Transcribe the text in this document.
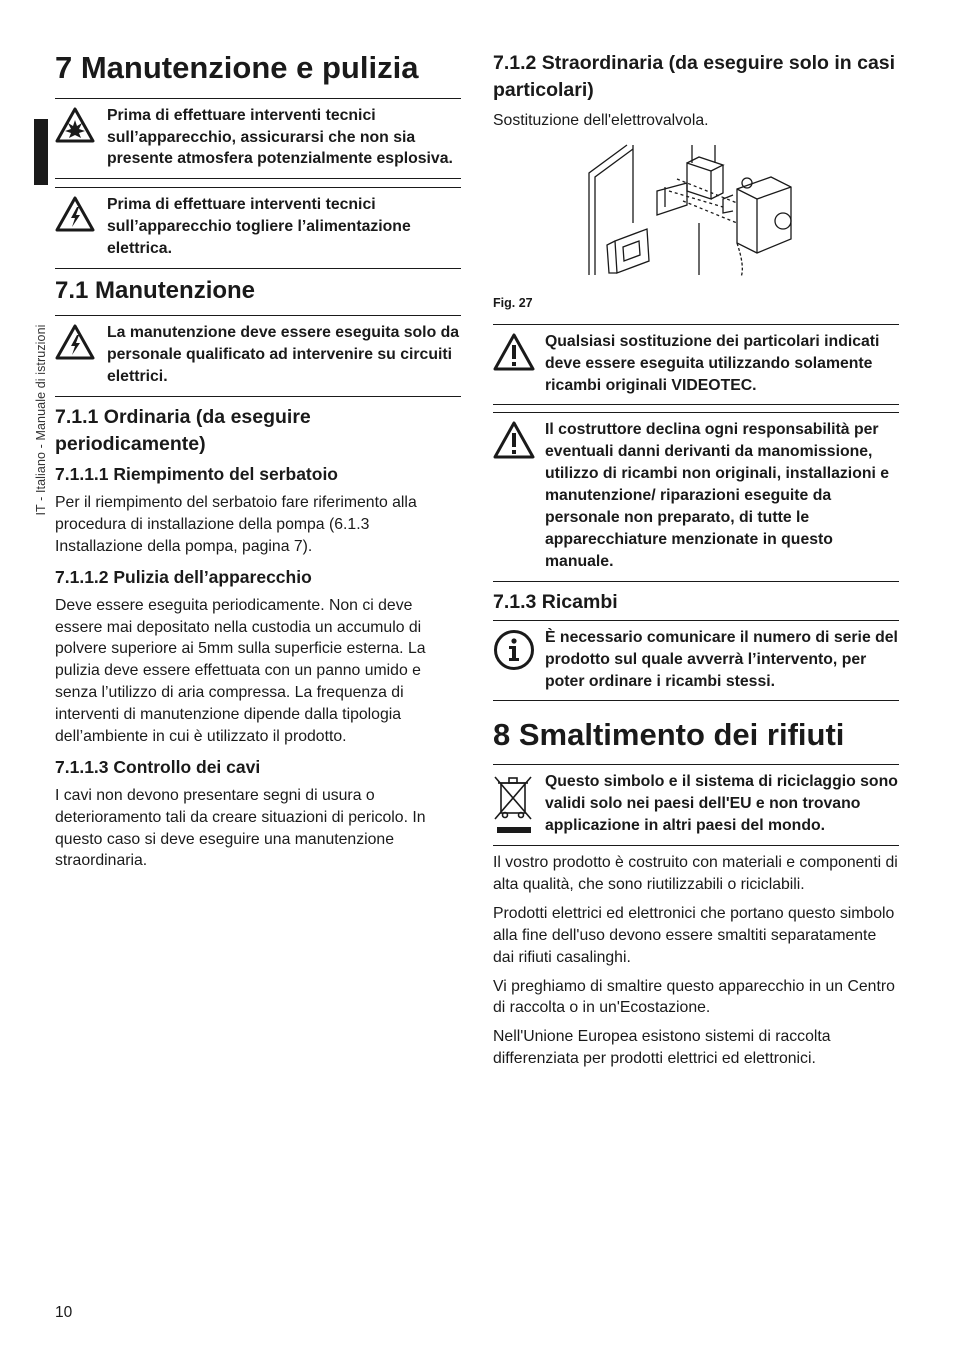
IT - Italiano - Manuale di istruzioni
7 Manutenzione e pulizia
Prima di effettuare interventi tecnici sull’apparecchio, assicurarsi che non sia presente atmosfera potenzialmente esplosiva.
Prima di effettuare interventi tecnici sull’apparecchio togliere l’alimentazione elettrica.
7.1 Manutenzione
La manutenzione deve essere eseguita solo da personale qualificato ad intervenire su circuiti elettrici.
7.1.1 Ordinaria (da eseguire periodicamente)
7.1.1.1 Riempimento del serbatoio

Per il riempimento del serbatoio fare riferimento alla procedura di installazione della pompa (6.1.3 Installazione della pompa, pagina 7).

7.1.1.2 Pulizia dell’apparecchio

Deve essere eseguita periodicamente. Non ci deve essere mai depositato nella custodia un accumulo di polvere superiore ai 5mm sulla superficie esterna. La pulizia deve essere effettuata con un panno umido e senza l’utilizzo di aria compressa. La frequenza di interventi di manutenzione dipende dalla tipologia dell’ambiente in cui è utilizzato il prodotto.

7.1.1.3 Controllo dei cavi

I cavi non devono presentare segni di usura o deterioramento tali da creare situazioni di pericolo. In questo caso si deve eseguire una manutenzione straordinaria.

7.1.2 Straordinaria (da eseguire solo in casi particolari)

Sostituzione dell'elettrovalvola.

Fig. 27
Qualsiasi sostituzione dei particolari indicati deve essere eseguita utilizzando solamente ricambi originali VIDEOTEC.
Il costruttore declina ogni responsabilità per eventuali danni derivanti da manomissione, utilizzo di ricambi non originali, installazioni e manutenzione/ riparazioni eseguite da personale non preparato, di tutte le apparecchiature menzionate in questo manuale.
7.1.3 Ricambi
È necessario comunicare il numero di serie del prodotto sul quale avverrà l’intervento, per poter ordinare i ricambi stessi.
8 Smaltimento dei rifiuti
Questo simbolo e il sistema di riciclaggio sono validi solo nei paesi dell'EU e non trovano applicazione in altri paesi del mondo.

Il vostro prodotto è costruito con materiali e componenti di alta qualità, che sono riutilizzabili o riciclabili.

Prodotti elettrici ed elettronici che portano questo simbolo alla fine dell'uso devono essere smaltiti separatamente dai rifiuti casalinghi.

Vi preghiamo di smaltire questo apparecchio in un Centro di raccolta o in un'Ecostazione.

Nell'Unione Europea esistono sistemi di raccolta differenziata per prodotti elettrici ed elettronici.

10
